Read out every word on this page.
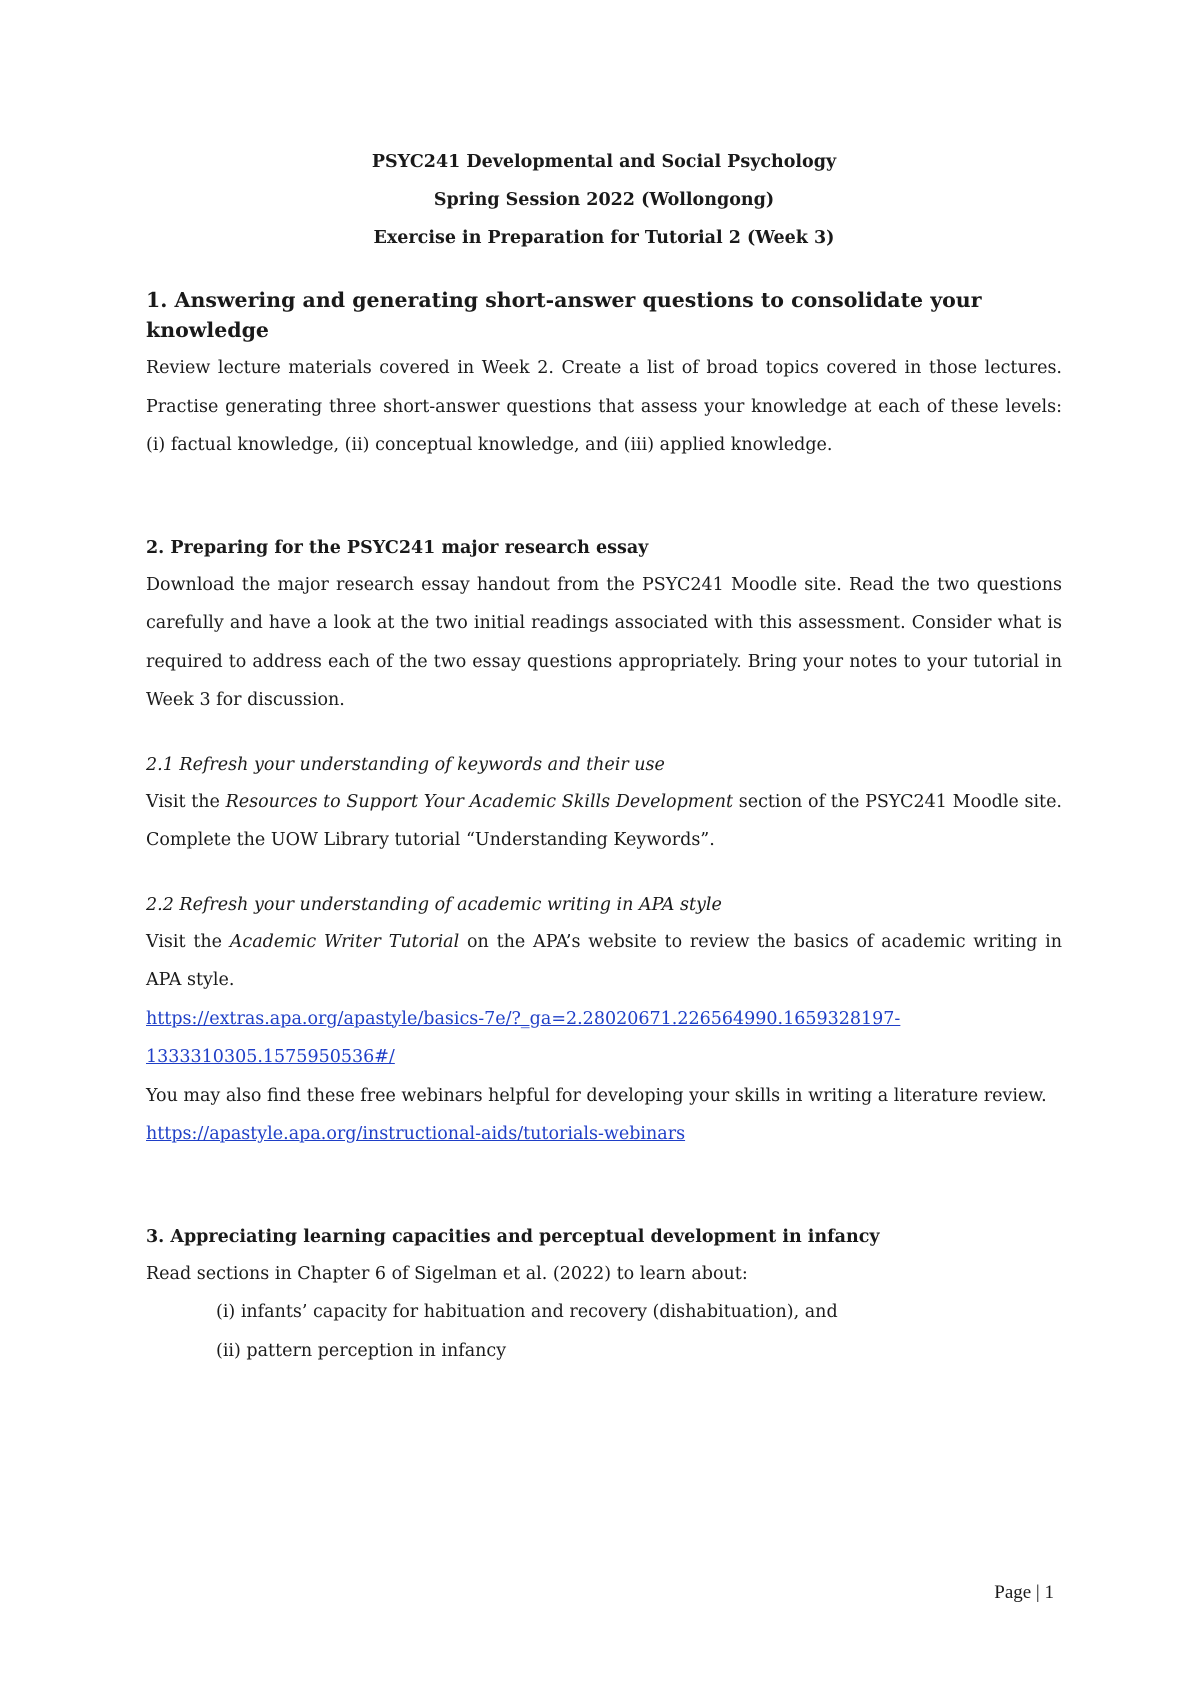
PSYC241 Developmental and Social Psychology

Spring Session 2022 (Wollongong)

Exercise in Preparation for Tutorial 2 (Week 3)

1. Answering and generating short-answer questions to consolidate your knowledge

Review lecture materials covered in Week 2. Create a list of broad topics covered in those lectures. Practise generating three short-answer questions that assess your knowledge at each of these levels: (i) factual knowledge, (ii) conceptual knowledge, and (iii) applied knowledge.

2. Preparing for the PSYC241 major research essay

Download the major research essay handout from the PSYC241 Moodle site. Read the two questions carefully and have a look at the two initial readings associated with this assessment. Consider what is required to address each of the two essay questions appropriately. Bring your notes to your tutorial in Week 3 for discussion.

2.1 Refresh your understanding of keywords and their use

Visit the Resources to Support Your Academic Skills Development section of the PSYC241 Moodle site. Complete the UOW Library tutorial “Understanding Keywords”.

2.2 Refresh your understanding of academic writing in APA style

Visit the Academic Writer Tutorial on the APA’s website to review the basics of academic writing in APA style.

https://extras.apa.org/apastyle/basics-7e/?_ga=2.28020671.226564990.1659328197-
1333310305.1575950536#/

You may also find these free webinars helpful for developing your skills in writing a literature review.

https://apastyle.apa.org/instructional-aids/tutorials-webinars

3. Appreciating learning capacities and perceptual development in infancy

Read sections in Chapter 6 of Sigelman et al. (2022) to learn about:

(i) infants’ capacity for habituation and recovery (dishabituation), and

(ii) pattern perception in infancy

Page | 1
